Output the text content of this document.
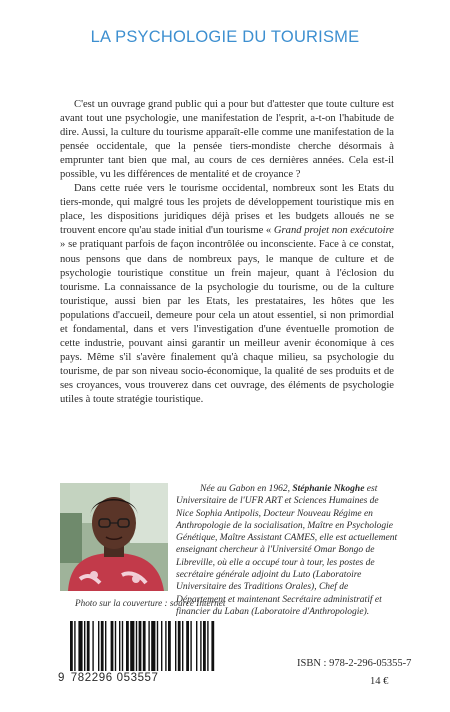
LA PSYCHOLOGIE DU TOURISME

C'est un ouvrage grand public qui a pour but d'attester que toute culture est avant tout une psychologie, une manifestation de l'esprit, a-t-on l'habitude de dire. Aussi, la culture du tourisme apparaît-elle comme une manifestation de la pensée occidentale, que la pensée tiers-mondiste cherche désormais à emprunter tant bien que mal, au cours de ces dernières années. Cela est-il possible, vu les différences de mentalité et de croyance ?

Dans cette ruée vers le tourisme occidental, nombreux sont les Etats du tiers-monde, qui malgré tous les projets de développement touristique mis en place, les dispositions juridiques déjà prises et les budgets alloués ne se trouvent encore qu'au stade initial d'un tourisme « Grand projet non exécutoire » se pratiquant parfois de façon incontrôlée ou inconsciente. Face à ce constat, nous pensons que dans de nombreux pays, le manque de culture et de psychologie touristique constitue un frein majeur, quant à l'éclosion du tourisme. La connaissance de la psychologie du tourisme, ou de la culture touristique, aussi bien par les Etats, les prestataires, les hôtes que les populations d'accueil, demeure pour cela un atout essentiel, si non primordial et fondamental, dans et vers l'investigation d'une éventuelle promotion de cette industrie, pouvant ainsi garantir un meilleur avenir économique à ces pays. Même s'il s'avère finalement qu'à chaque milieu, sa psychologie du tourisme, de par son niveau socio-économique, la qualité de ses produits et de ses croyances, vous trouverez dans cet ouvrage, des éléments de psychologie utiles à toute stratégie touristique.

Née au Gabon en 1962, Stéphanie Nkoghe est Universitaire de l'UFR ART et Sciences Humaines de Nice Sophia Antipolis, Docteur Nouveau Régime en Anthropologie de la socialisation, Maître en Psychologie Génétique, Maître Assistant CAMES, elle est actuellement enseignant chercheur à l'Université Omar Bongo de Libreville, où elle a occupé tour à tour, les postes de secrétaire générale adjoint du Luto (Laboratoire Universitaire des Traditions Orales), Chef de Département et maintenant Secrétaire administratif et financier du Laban (Laboratoire d'Anthropologie).
Photo sur la couverture : source Internet
9 782296 053557
ISBN : 978-2-296-05355-7
14 €
